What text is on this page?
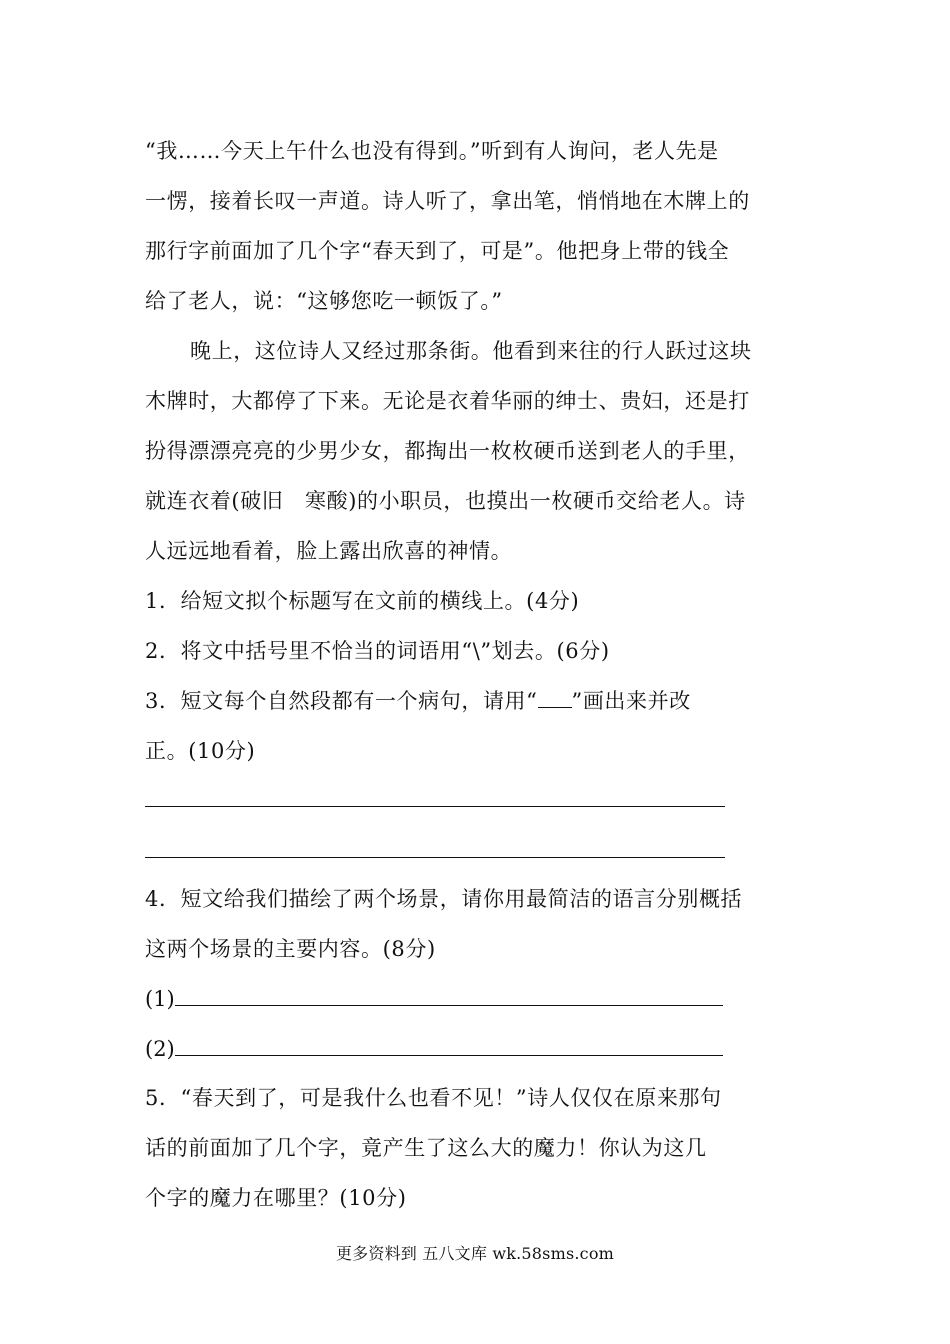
“我……今天上午什么也没有得到。”听到有人询问，老人先是
一愣，接着长叹一声道。诗人听了，拿出笔，悄悄地在木牌上的
那行字前面加了几个字“春天到了，可是”。他把身上带的钱全
给了老人，说：“这够您吃一顿饭了。”
晚上，这位诗人又经过那条街。他看到来往的行人跃过这块
木牌时，大都停了下来。无论是衣着华丽的绅士、贵妇，还是打
扮得漂漂亮亮的少男少女，都掏出一枚枚硬币送到老人的手里，
就连衣着(破旧　寒酸)的小职员，也摸出一枚硬币交给老人。诗
人远远地看着，脸上露出欣喜的神情。
1．给短文拟个标题写在文前的横线上。(4分)
2．将文中括号里不恰当的词语用“\”划去。(6分)
3．短文每个自然段都有一个病句，请用“ ”画出来并改
正。(10分)
4．短文给我们描绘了两个场景，请你用最简洁的语言分别概括
这两个场景的主要内容。(8分)
(1)
(2)
5．“春天到了，可是我什么也看不见！”诗人仅仅在原来那句
话的前面加了几个字，竟产生了这么大的魔力！你认为这几
个字的魔力在哪里？(10分)
更多资料到 五八文库 wk.58sms.com
